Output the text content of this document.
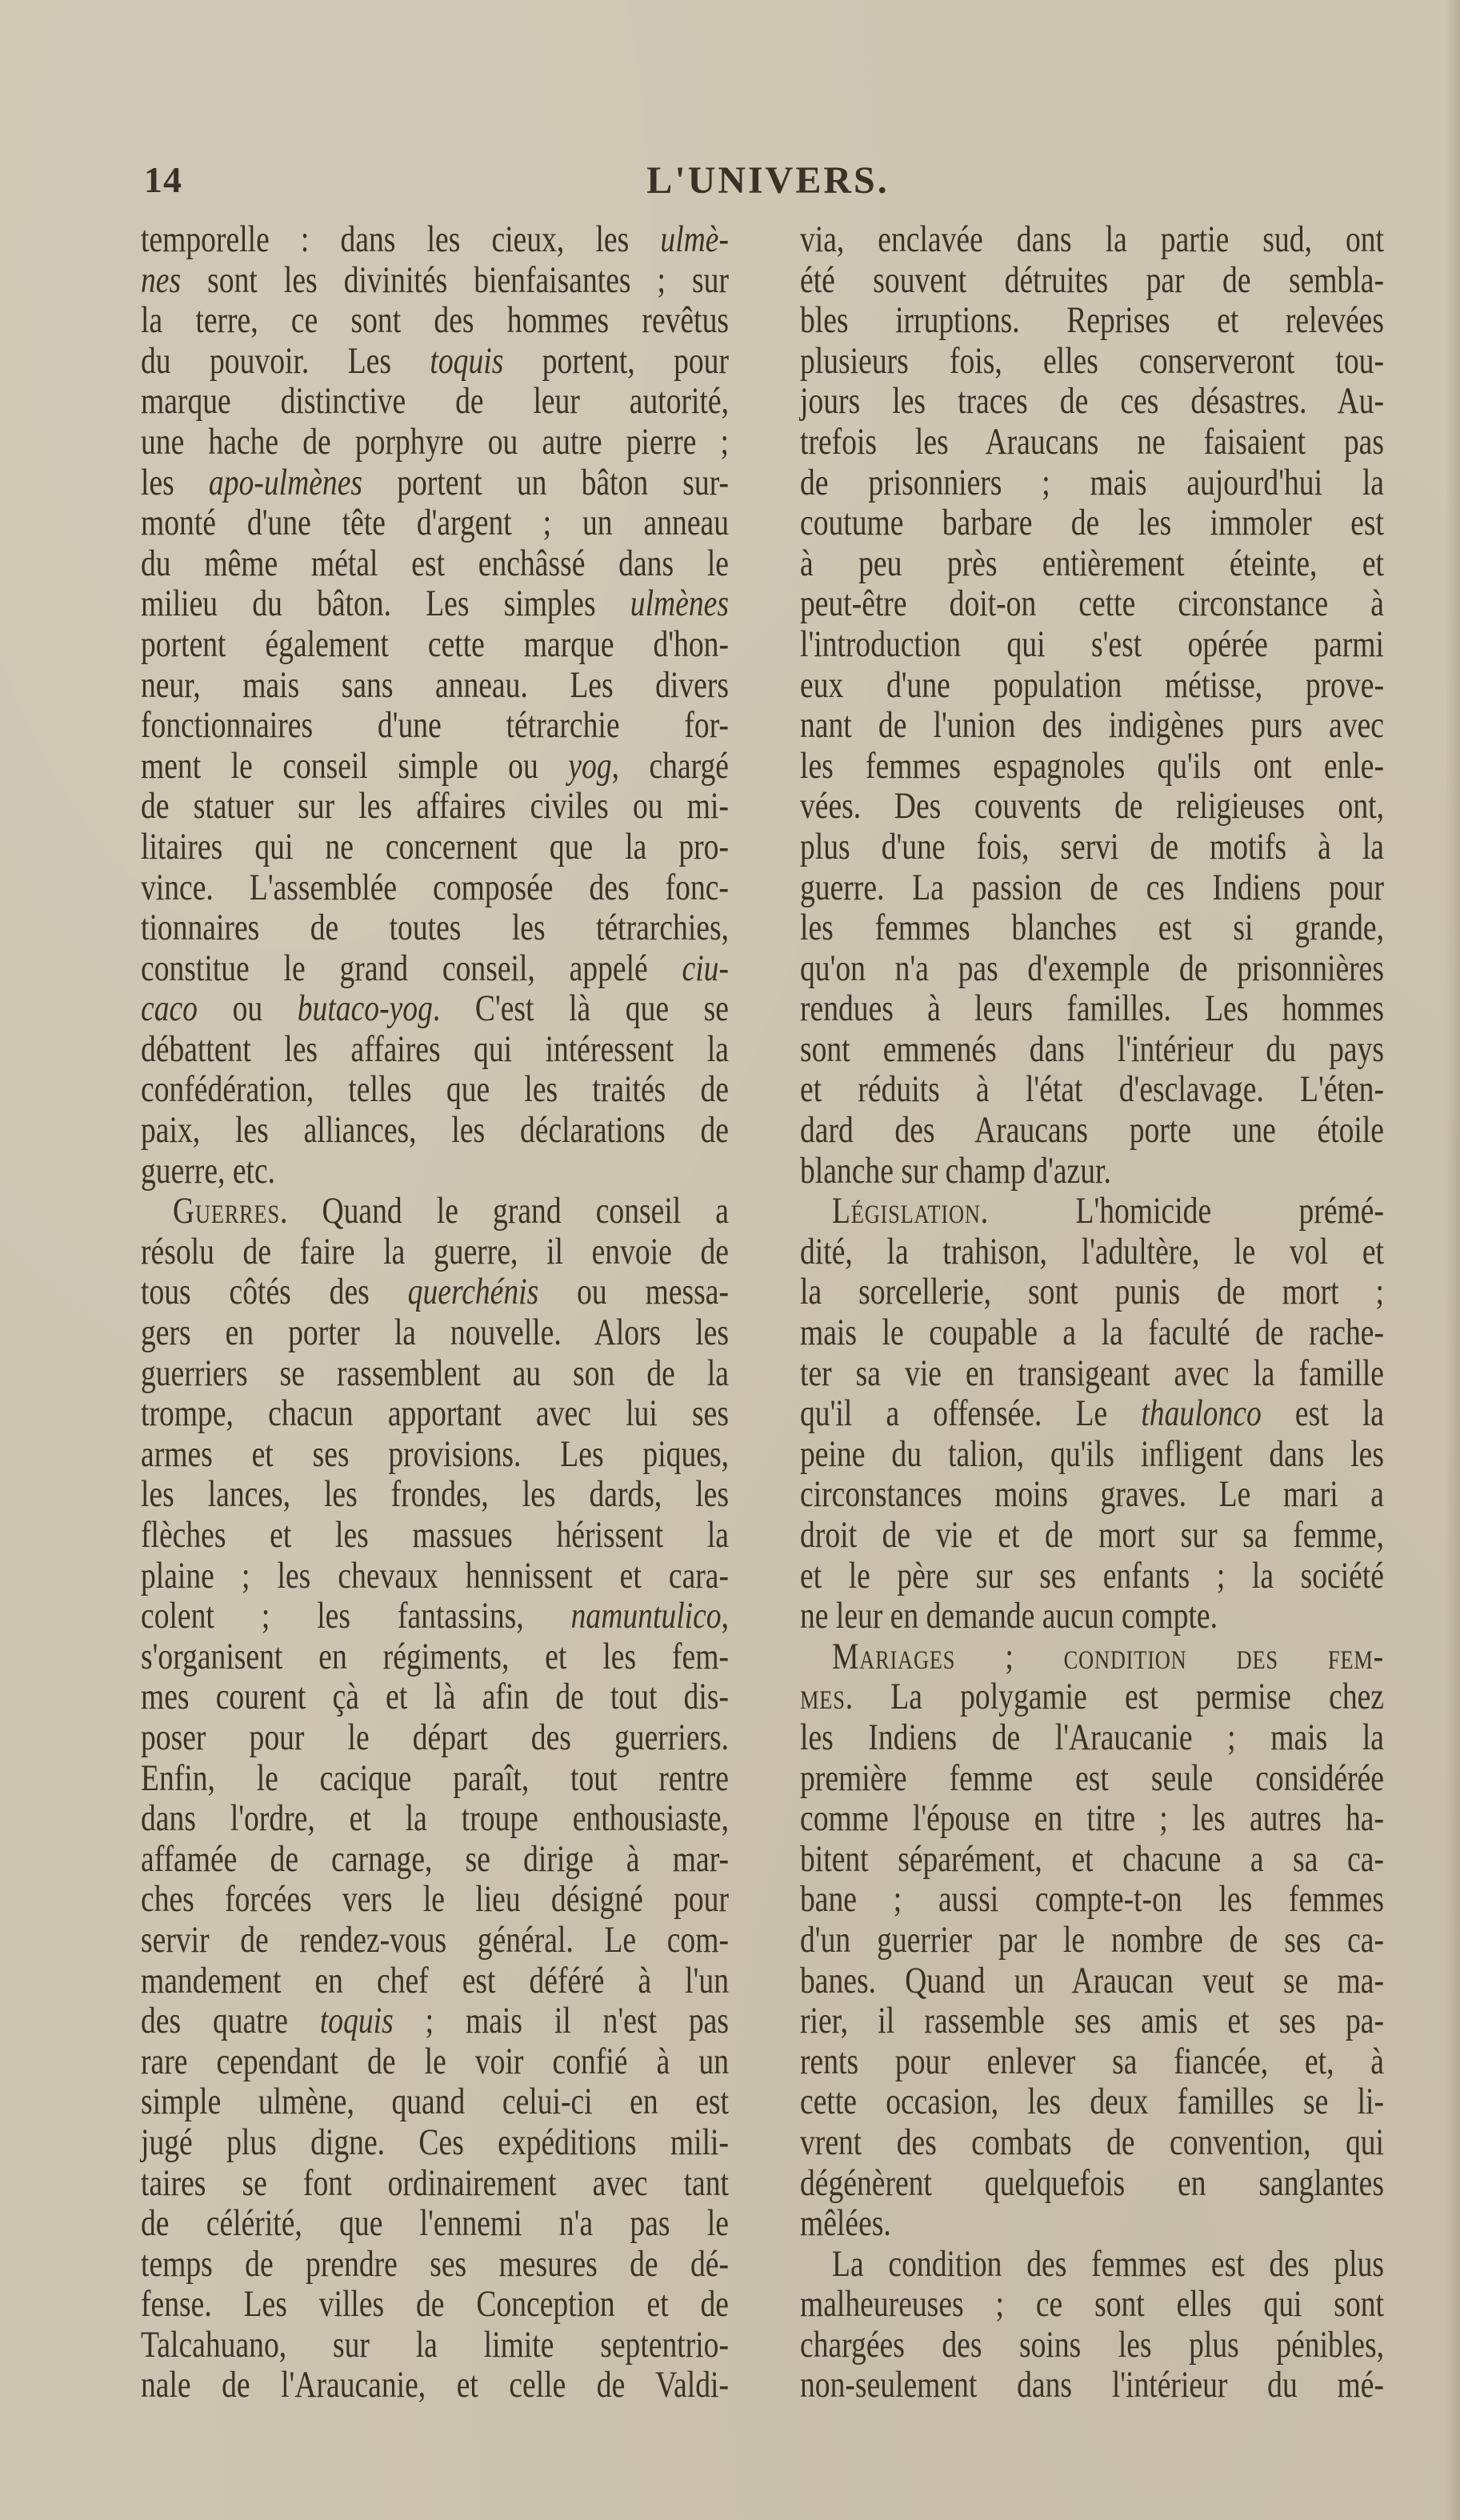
14	L'UNIVERS.
temporelle : dans les cieux, les ulmè-
nes sont les divinités bienfaisantes ; sur
la terre, ce sont des hommes revêtus
du pouvoir. Les toquis portent, pour
marque distinctive de leur autorité,
une hache de porphyre ou autre pierre ;
les apo-ulmènes portent un bâton sur-
monté d'une tête d'argent ; un anneau
du même métal est enchâssé dans le
milieu du bâton. Les simples ulmènes
portent également cette marque d'hon-
neur, mais sans anneau. Les divers
fonctionnaires d'une tétrarchie for-
ment le conseil simple ou yog, chargé
de statuer sur les affaires civiles ou mi-
litaires qui ne concernent que la pro-
vince. L'assemblée composée des fonc-
tionnaires de toutes les tétrarchies,
constitue le grand conseil, appelé ciu-
caco ou butaco-yog. C'est là que se
débattent les affaires qui intéressent la
confédération, telles que les traités de
paix, les alliances, les déclarations de
guerre, etc.
Guerres. Quand le grand conseil a
résolu de faire la guerre, il envoie de
tous côtés des querchénis ou messa-
gers en porter la nouvelle. Alors les
guerriers se rassemblent au son de la
trompe, chacun apportant avec lui ses
armes et ses provisions. Les piques,
les lances, les frondes, les dards, les
flèches et les massues hérissent la
plaine ; les chevaux hennissent et cara-
colent ; les fantassins, namuntulico,
s'organisent en régiments, et les fem-
mes courent çà et là afin de tout dis-
poser pour le départ des guerriers.
Enfin, le cacique paraît, tout rentre
dans l'ordre, et la troupe enthousiaste,
affamée de carnage, se dirige à mar-
ches forcées vers le lieu désigné pour
servir de rendez-vous général. Le com-
mandement en chef est déféré à l'un
des quatre toquis ; mais il n'est pas
rare cependant de le voir confié à un
simple ulmène, quand celui-ci en est
jugé plus digne. Ces expéditions mili-
taires se font ordinairement avec tant
de célérité, que l'ennemi n'a pas le
temps de prendre ses mesures de dé-
fense. Les villes de Conception et de
Talcahuano, sur la limite septentrio-
nale de l'Araucanie, et celle de Valdi-
via, enclavée dans la partie sud, ont
été souvent détruites par de sembla-
bles irruptions. Reprises et relevées
plusieurs fois, elles conserveront tou-
jours les traces de ces désastres. Au-
trefois les Araucans ne faisaient pas
de prisonniers ; mais aujourd'hui la
coutume barbare de les immoler est
à peu près entièrement éteinte, et
peut-être doit-on cette circonstance à
l'introduction qui s'est opérée parmi
eux d'une population métisse, prove-
nant de l'union des indigènes purs avec
les femmes espagnoles qu'ils ont enle-
vées. Des couvents de religieuses ont,
plus d'une fois, servi de motifs à la
guerre. La passion de ces Indiens pour
les femmes blanches est si grande,
qu'on n'a pas d'exemple de prisonnières
rendues à leurs familles. Les hommes
sont emmenés dans l'intérieur du pays
et réduits à l'état d'esclavage. L'éten-
dard des Araucans porte une étoile
blanche sur champ d'azur.
Législation. L'homicide prémé-
dité, la trahison, l'adultère, le vol et
la sorcellerie, sont punis de mort ;
mais le coupable a la faculté de rache-
ter sa vie en transigeant avec la famille
qu'il a offensée. Le thaulonco est la
peine du talion, qu'ils infligent dans les
circonstances moins graves. Le mari a
droit de vie et de mort sur sa femme,
et le père sur ses enfants ; la société
ne leur en demande aucun compte.
Mariages ; condition des fem-
mes. La polygamie est permise chez
les Indiens de l'Araucanie ; mais la
première femme est seule considérée
comme l'épouse en titre ; les autres ha-
bitent séparément, et chacune a sa ca-
bane ; aussi compte-t-on les femmes
d'un guerrier par le nombre de ses ca-
banes. Quand un Araucan veut se ma-
rier, il rassemble ses amis et ses pa-
rents pour enlever sa fiancée, et, à
cette occasion, les deux familles se li-
vrent des combats de convention, qui
dégénèrent quelquefois en sanglantes
mêlées.
La condition des femmes est des plus
malheureuses ; ce sont elles qui sont
chargées des soins les plus pénibles,
non-seulement dans l'intérieur du mé-
